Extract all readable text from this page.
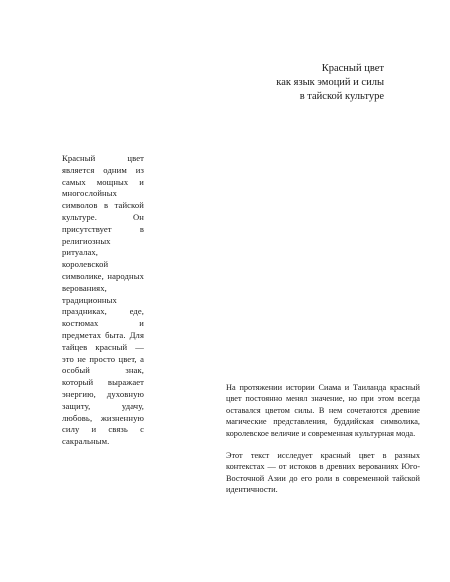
Красный цвет
как язык эмоций и силы
в тайской культуре

Красный цвет является одним из самых мощных и многослойных символов в тайской культуре. Он присутствует в религиозных ритуалах, королевской символике, народных верованиях, традиционных праздниках, еде, костюмах и предметах быта. Для тайцев красный — это не просто цвет, а особый знак, который выражает энергию, духовную защиту, удачу, любовь, жизненную силу и связь с сакральным.

На протяжении истории Сиама и Таиланда красный цвет постоянно менял значение, но при этом всегда оставался цветом силы. В нем сочетаются древние магические представления, буддийская символика, королевское величие и современная культурная мода.

Этот текст исследует красный цвет в разных контекстах — от истоков в древних верованиях Юго-Восточной Азии до его роли в современной тайской идентичности.
